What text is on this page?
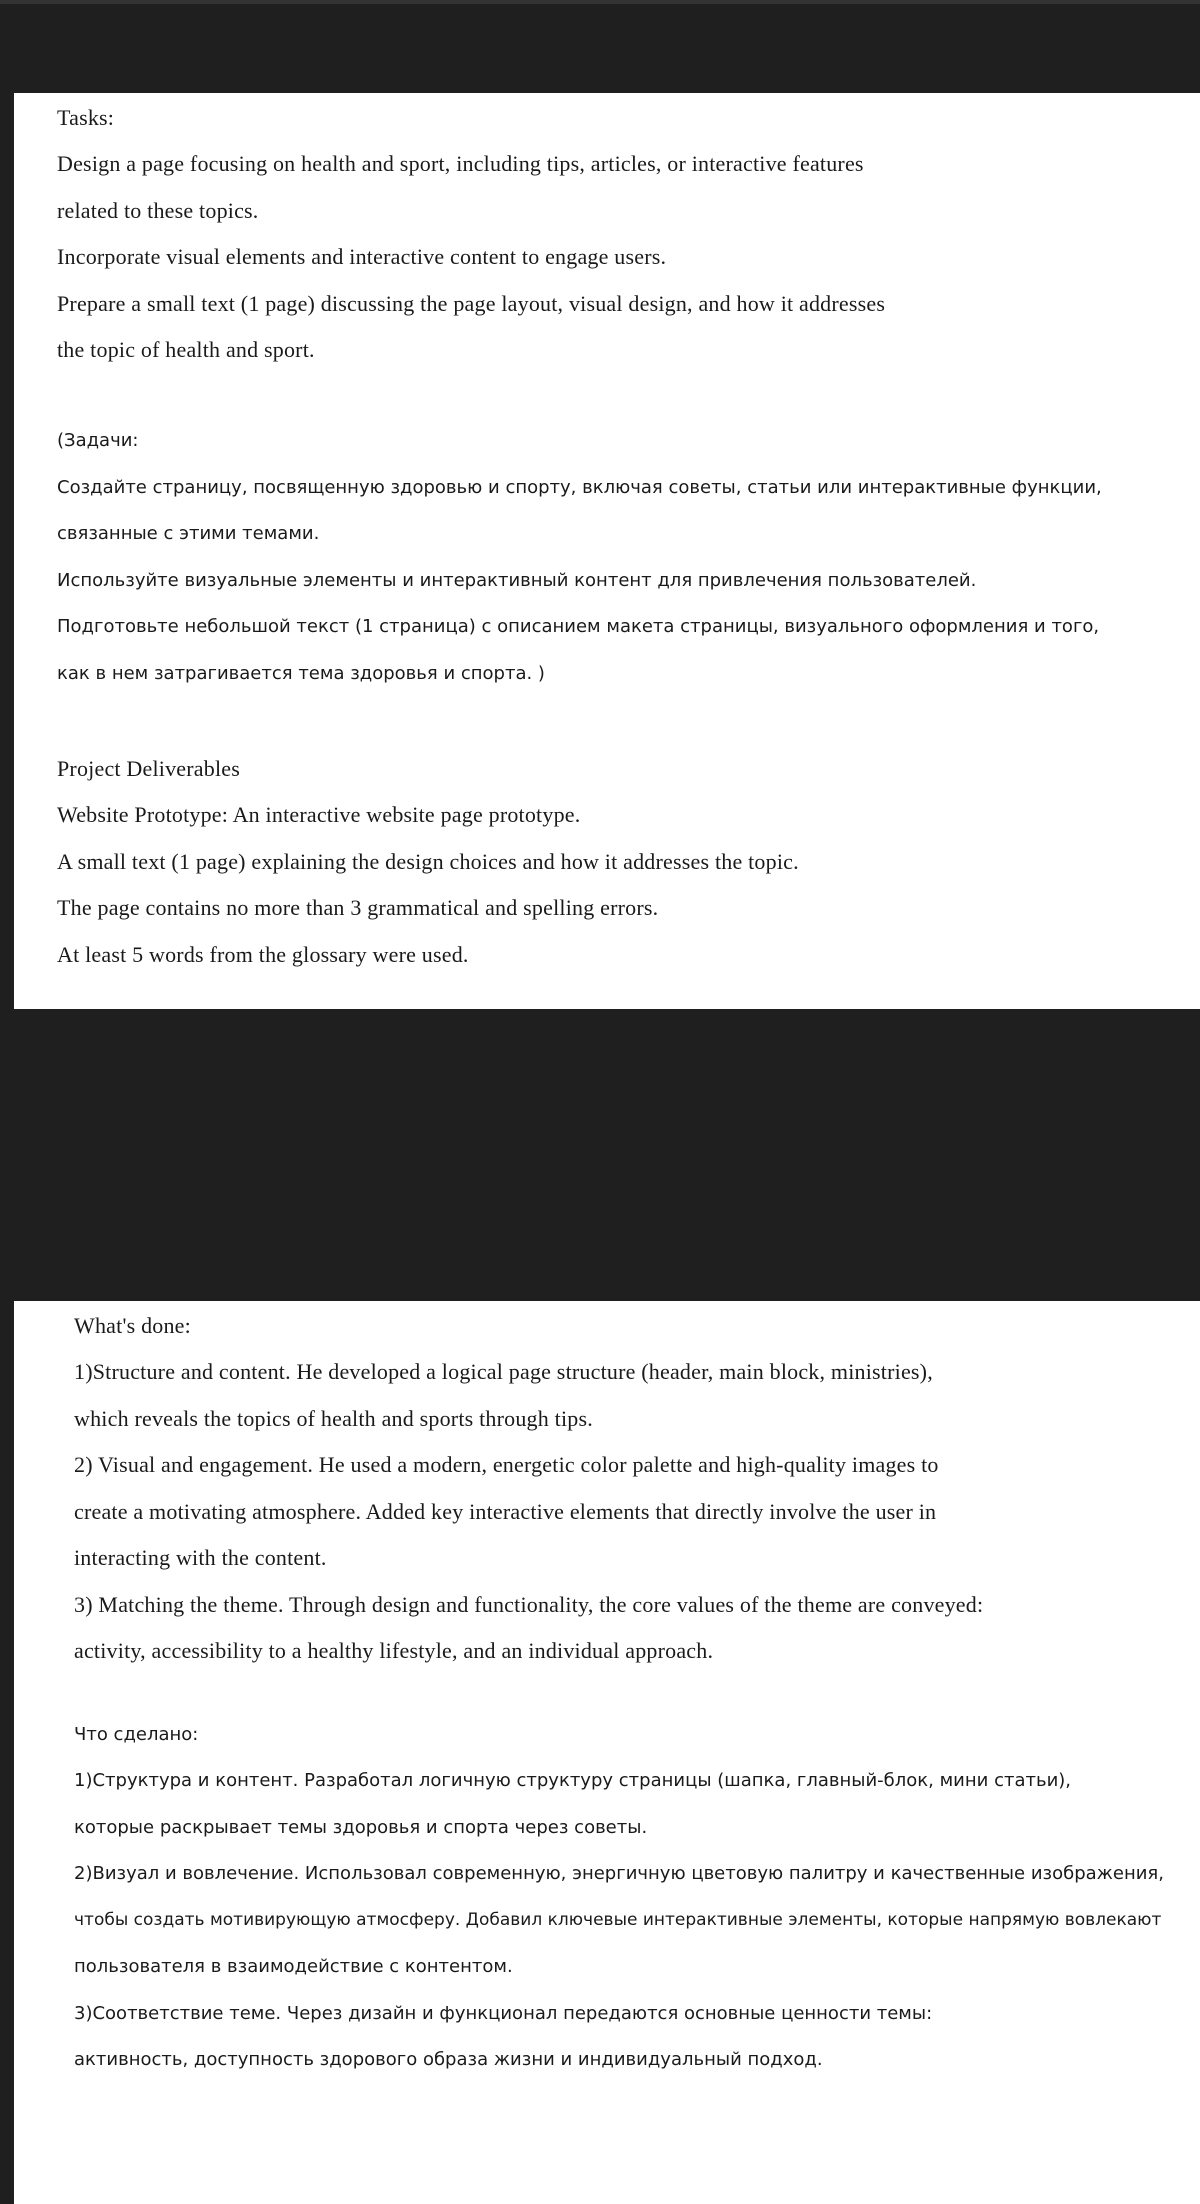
Tasks:
Design a page focusing on health and sport, including tips, articles, or interactive features
related to these topics.
Incorporate visual elements and interactive content to engage users.
Prepare a small text (1 page) discussing the page layout, visual design, and how it addresses
the topic of health and sport.
(Задачи:
Создайте страницу, посвященную здоровью и спорту, включая советы, статьи или интерактивные функции,
связанные с этими темами.
Используйте визуальные элементы и интерактивный контент для привлечения пользователей.
Подготовьте небольшой текст (1 страница) с описанием макета страницы, визуального оформления и того,
как в нем затрагивается тема здоровья и спорта. )
Project Deliverables
Website Prototype: An interactive website page prototype.
A small text (1 page) explaining the design choices and how it addresses the topic.
The page contains no more than 3 grammatical and spelling errors.
At least 5 words from the glossary were used.
What's done:
1)Structure and content. He developed a logical page structure (header, main block, ministries),
which reveals the topics of health and sports through tips.
2) Visual and engagement. He used a modern, energetic color palette and high-quality images to
create a motivating atmosphere. Added key interactive elements that directly involve the user in
interacting with the content.
3) Matching the theme. Through design and functionality, the core values of the theme are conveyed:
activity, accessibility to a healthy lifestyle, and an individual approach.
Что сделано:
1)Структура и контент. Разработал логичную структуру страницы (шапка, главный-блок, мини статьи),
которые раскрывает темы здоровья и спорта через советы.
2)Визуал и вовлечение. Использовал современную, энергичную цветовую палитру и качественные изображения,
чтобы создать мотивирующую атмосферу. Добавил ключевые интерактивные элементы, которые напрямую вовлекают
пользователя в взаимодействие с контентом.
3)Соответствие теме. Через дизайн и функционал передаются основные ценности темы:
активность, доступность здорового образа жизни и индивидуальный подход.
